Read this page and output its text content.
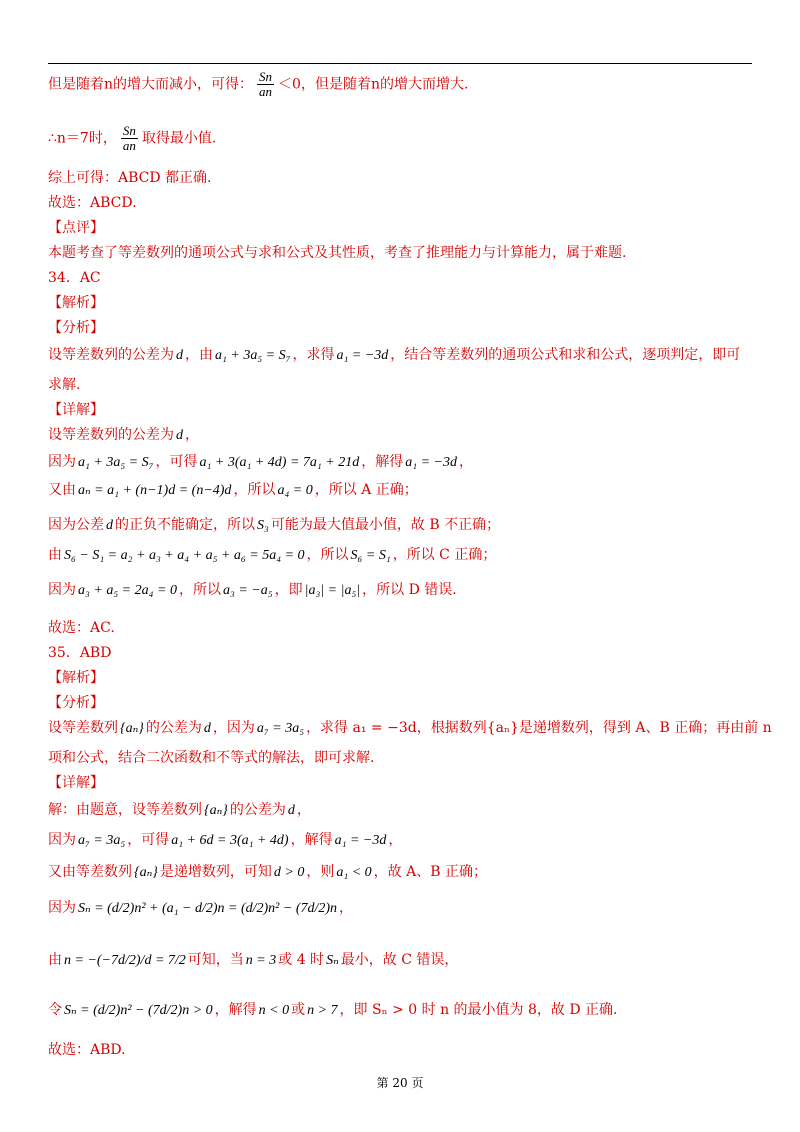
但是随着n的增大而减小，可得： $\frac{Sn}{an} <0$，但是随着n的增大而增大.
∴n＝7时， $\frac{Sn}{an}$ 取得最小值.
综上可得：ABCD 都正确.
故选：ABCD.
【点评】
本题考查了等差数列的通项公式与求和公式及其性质，考查了推理能力与计算能力，属于难题.
34．AC
【解析】
【分析】
设等差数列的公差为 d ，由 a₁ + 3a₅ = S₇ ，求得 a₁ = −3d ，结合等差数列的通项公式和求和公式，逐项判定，即可
求解.
【详解】
设等差数列的公差为 d ，
因为 a₁ + 3a₅ = S₇ ，可得 a₁ + 3(a₁ + 4d) = 7a₁ + 21d ，解得 a₁ = −3d ，
又由 aₙ = a₁ + (n−1)d = (n−4)d ，所以 a₄ = 0 ，所以 A 正确；
因为公差 d 的正负不能确定，所以 S₃ 可能为最大值最小值，故 B 不正确；
由 S₆ − S₁ = a₂ + a₃ + a₄ + a₅ + a₆ = 5a₄ = 0 ，所以 S₆ = S₁ ，所以 C 正确；
因为 a₃ + a₅ = 2a₄ = 0 ，所以 a₃ = −a₅ ，即 |a₃| = |a₅| ，所以 D 错误.
故选：AC.
35．ABD
【解析】
【分析】
设等差数列 {aₙ} 的公差为 d ，因为 a₇ = 3a₅ ，求得 a₁ = −3d，根据数列{aₙ}是递增数列，得到 A、B 正确；再由前 n
项和公式，结合二次函数和不等式的解法，即可求解.
【详解】
解：由题意，设等差数列 {aₙ} 的公差为 d ，
因为 a₇ = 3a₅ ，可得 a₁ + 6d = 3(a₁ + 4d) ，解得 a₁ = −3d ，
又由等差数列 {aₙ} 是递增数列，可知 d > 0 ，则 a₁ < 0 ，故 A、B 正确；
因为 Sₙ = (d/2)n² + (a₁ − d/2)n = (d/2)n² − (7d/2)n ，
由 n = −(−7d/2)/d = 7/2 可知，当 n = 3 或 4 时 Sₙ 最小，故 C 错误，
令 Sₙ = (d/2)n² − (7d/2)n > 0 ，解得 n < 0 或 n > 7 ，即 Sₙ > 0 时 n 的最小值为 8，故 D 正确.
故选：ABD.
第 20 页
